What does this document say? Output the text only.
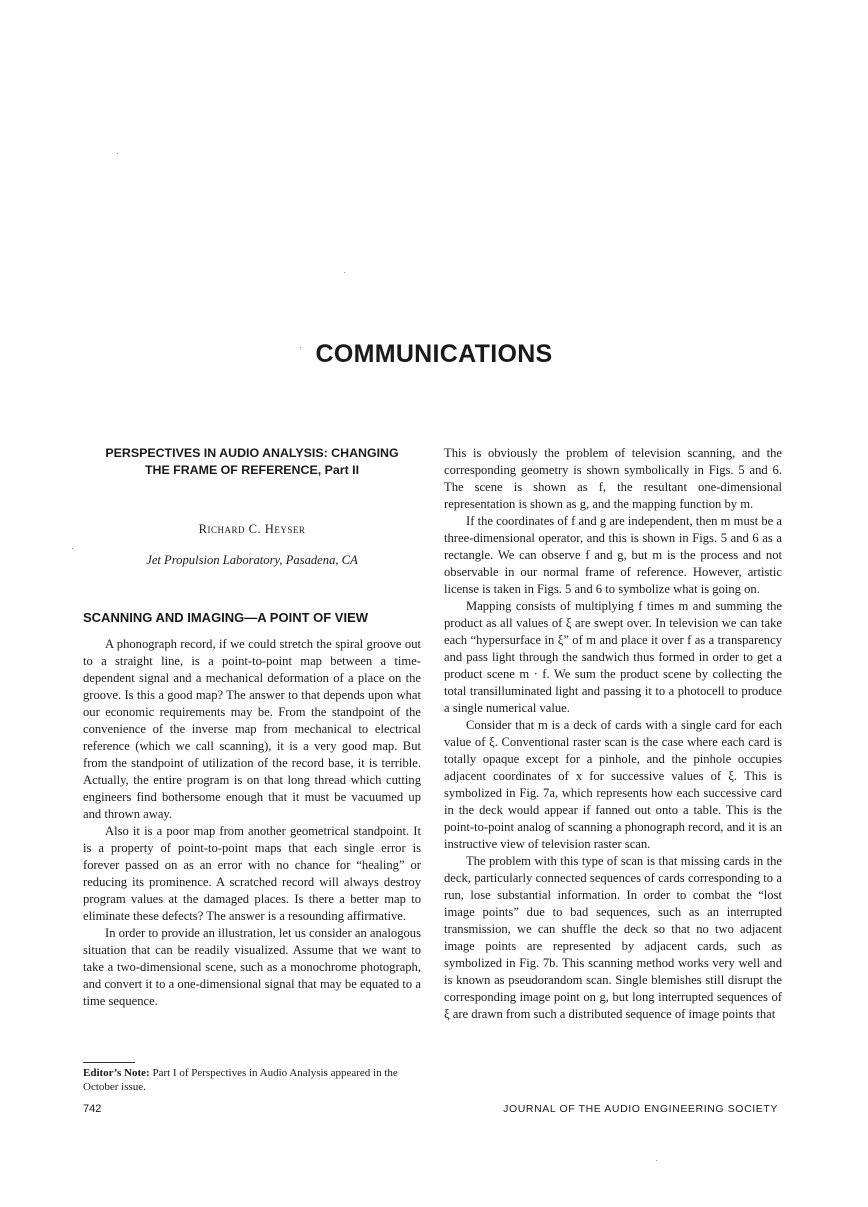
COMMUNICATIONS
PERSPECTIVES IN AUDIO ANALYSIS: CHANGING
THE FRAME OF REFERENCE, Part II
Richard C. Heyser
Jet Propulsion Laboratory, Pasadena, CA
SCANNING AND IMAGING—A POINT OF VIEW

A phonograph record, if we could stretch the spiral groove out to a straight line, is a point-to-point map between a time-dependent signal and a mechanical deformation of a place on the groove. Is this a good map? The answer to that depends upon what our economic requirements may be. From the standpoint of the convenience of the inverse map from mechanical to electrical reference (which we call scanning), it is a very good map. But from the standpoint of utilization of the record base, it is terrible. Actually, the entire program is on that long thread which cutting engineers find bothersome enough that it must be vacuumed up and thrown away.

Also it is a poor map from another geometrical standpoint. It is a property of point-to-point maps that each single error is forever passed on as an error with no chance for “healing” or reducing its prominence. A scratched record will always destroy program values at the damaged places. Is there a better map to eliminate these defects? The answer is a resounding affirmative.

In order to provide an illustration, let us consider an analogous situation that can be readily visualized. Assume that we want to take a two-dimensional scene, such as a monochrome photograph, and convert it to a one-dimensional signal that may be equated to a time sequence.

This is obviously the problem of television scanning, and the corresponding geometry is shown symbolically in Figs. 5 and 6. The scene is shown as f, the resultant one-dimensional representation is shown as g, and the mapping function by m.

If the coordinates of f and g are independent, then m must be a three-dimensional operator, and this is shown in Figs. 5 and 6 as a rectangle. We can observe f and g, but m is the process and not observable in our normal frame of reference. However, artistic license is taken in Figs. 5 and 6 to symbolize what is going on.

Mapping consists of multiplying f times m and summing the product as all values of ξ are swept over. In television we can take each “hypersurface in ξ” of m and place it over f as a transparency and pass light through the sandwich thus formed in order to get a product scene m · f. We sum the product scene by collecting the total transilluminated light and passing it to a photocell to produce a single numerical value.

Consider that m is a deck of cards with a single card for each value of ξ. Conventional raster scan is the case where each card is totally opaque except for a pinhole, and the pinhole occupies adjacent coordinates of x for successive values of ξ. This is symbolized in Fig. 7a, which represents how each successive card in the deck would appear if fanned out onto a table. This is the point-to-point analog of scanning a phonograph record, and it is an instructive view of television raster scan.

The problem with this type of scan is that missing cards in the deck, particularly connected sequences of cards corresponding to a run, lose substantial information. In order to combat the “lost image points” due to bad sequences, such as an interrupted transmission, we can shuffle the deck so that no two adjacent image points are represented by adjacent cards, such as symbolized in Fig. 7b. This scanning method works very well and is known as pseudorandom scan. Single blemishes still disrupt the corresponding image point on g, but long interrupted sequences of ξ are drawn from such a distributed sequence of image points that

Editor’s Note: Part I of Perspectives in Audio Analysis appeared in the October issue.
742	JOURNAL OF THE AUDIO ENGINEERING SOCIETY
